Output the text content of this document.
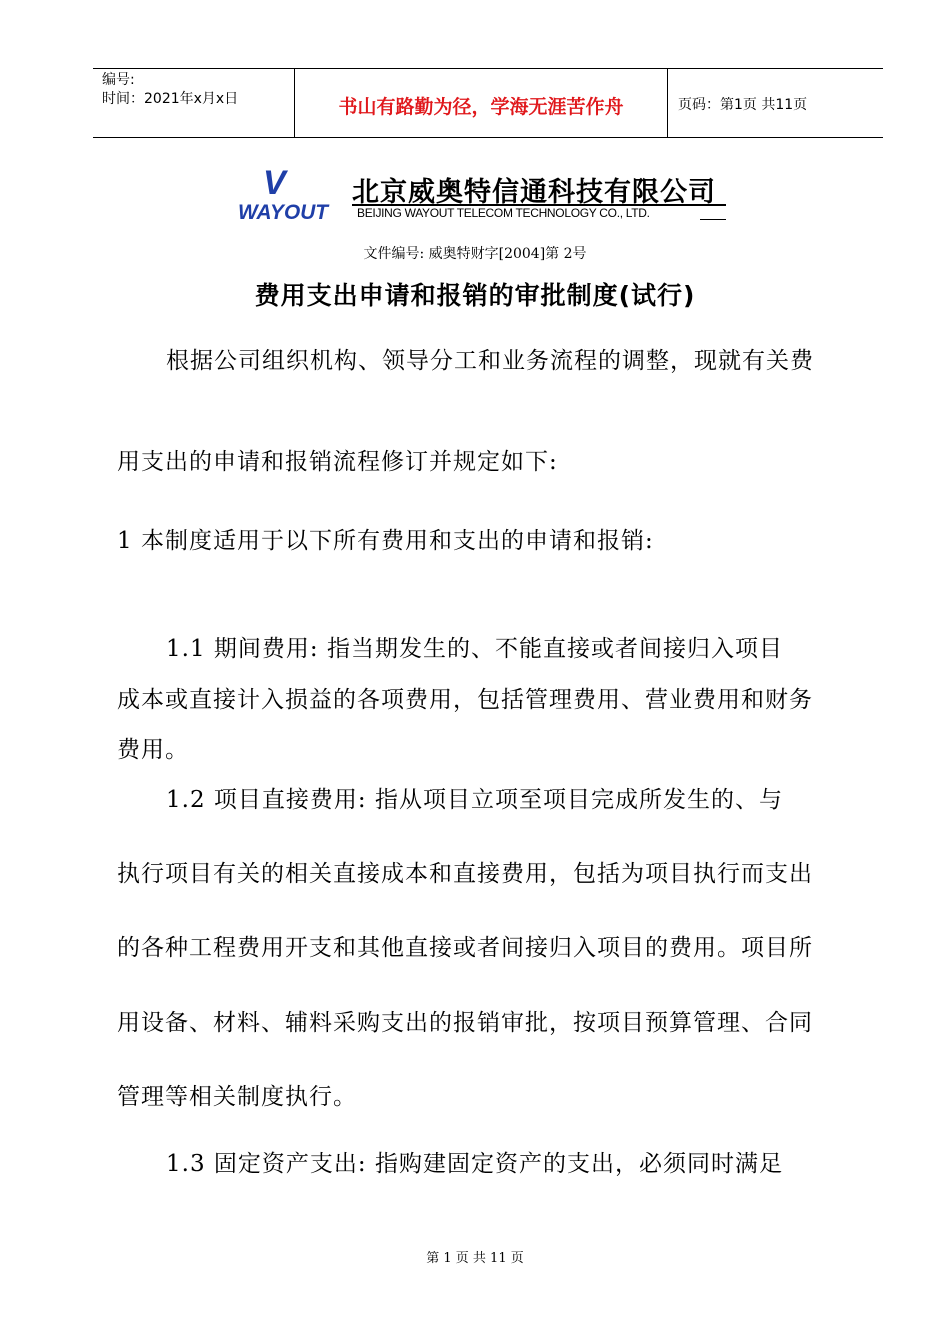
编号:
时间：2021年x月x日	书山有路勤为径，学海无涯苦作舟	页码：第1页 共11页
V
WAYOUT
北京威奥特信通科技有限公司
BEIJING WAYOUT TELECOM TECHNOLOGY CO., LTD.
文件编号: 威奥特财字[2004]第 2号
费用支出申请和报销的审批制度(试行)
根据公司组织机构、领导分工和业务流程的调整，现就有关费
用支出的申请和报销流程修订并规定如下:
1 本制度适用于以下所有费用和支出的申请和报销:
1.1 期间费用: 指当期发生的、不能直接或者间接归入项目
成本或直接计入损益的各项费用，包括管理费用、营业费用和财务
费用。
1.2 项目直接费用: 指从项目立项至项目完成所发生的、与
执行项目有关的相关直接成本和直接费用，包括为项目执行而支出
的各种工程费用开支和其他直接或者间接归入项目的费用。项目所
用设备、材料、辅料采购支出的报销审批，按项目预算管理、合同
管理等相关制度执行。
1.3 固定资产支出: 指购建固定资产的支出，必须同时满足
第 1 页 共 11 页
